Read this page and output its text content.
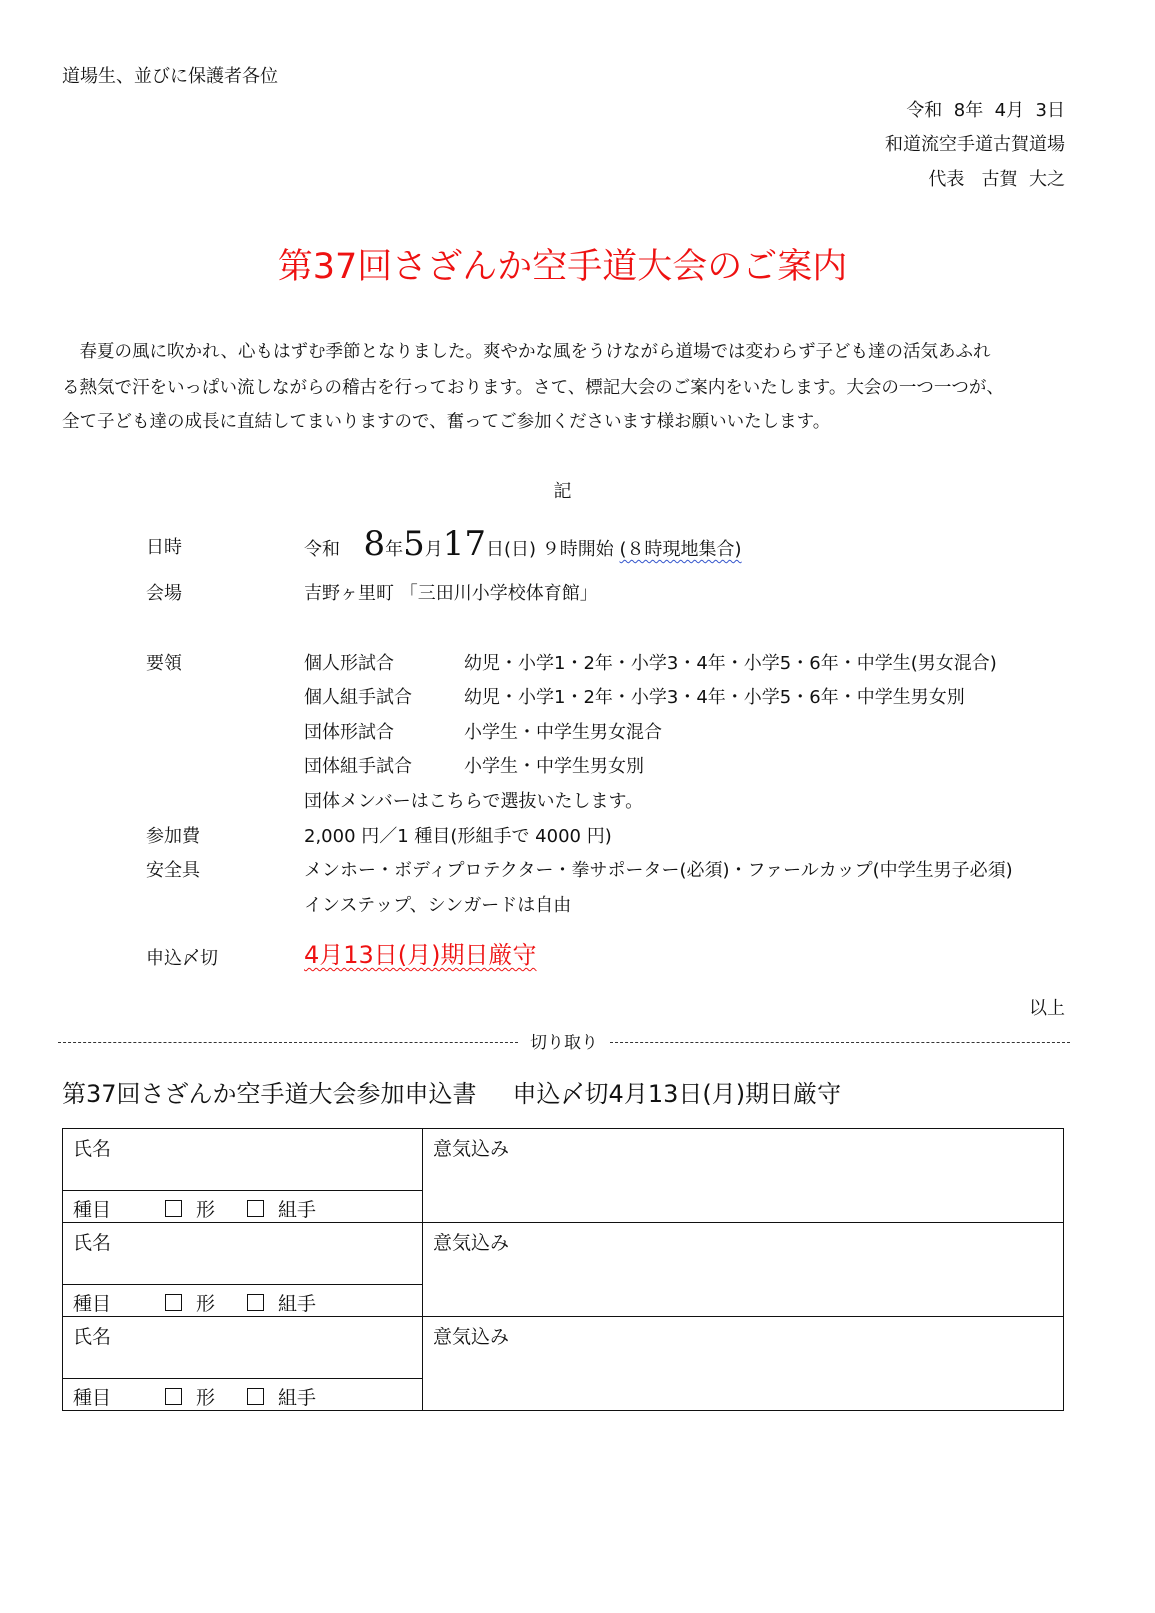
道場生、並びに保護者各位
令和  8年  4月  3日
和道流空手道古賀道場
代表   古賀  大之
第37回さざんか空手道大会のご案内
　春夏の風に吹かれ、心もはずむ季節となりました。爽やかな風をうけながら道場では変わらず子ども達の活気あふれ
る熱気で汗をいっぱい流しながらの稽古を行っております。さて、標記大会のご案内をいたします。大会の一つ一つが、
全て子ども達の成長に直結してまいりますので、奮ってご参加くださいます様お願いいたします。
記
日時	令和 8年5月17日(日) ９時開始 (８時現地集合)
会場	吉野ヶ里町 「三田川小学校体育館」
要領	個人形試合	幼児・小学1・2年・小学3・4年・小学5・6年・中学生(男女混合)
個人組手試合	幼児・小学1・2年・小学3・4年・小学5・6年・中学生男女別
団体形試合	小学生・中学生男女混合
団体組手試合	小学生・中学生男女別
団体メンバーはこちらで選抜いたします。
参加費	2,000 円／1 種目(形組手で 4000 円)
安全具	メンホー・ボディプロテクター・拳サポーター(必須)・ファールカップ(中学生男子必須)
インステップ、シンガードは自由
申込〆切	4月13日(月)期日厳守
以上
切り取り
第37回さざんか空手道大会参加申込書 申込〆切4月13日(月)期日厳守
氏名	意気込み
種目 形 組手	
氏名	意気込み
種目 形 組手	
氏名	意気込み
種目 形 組手	
